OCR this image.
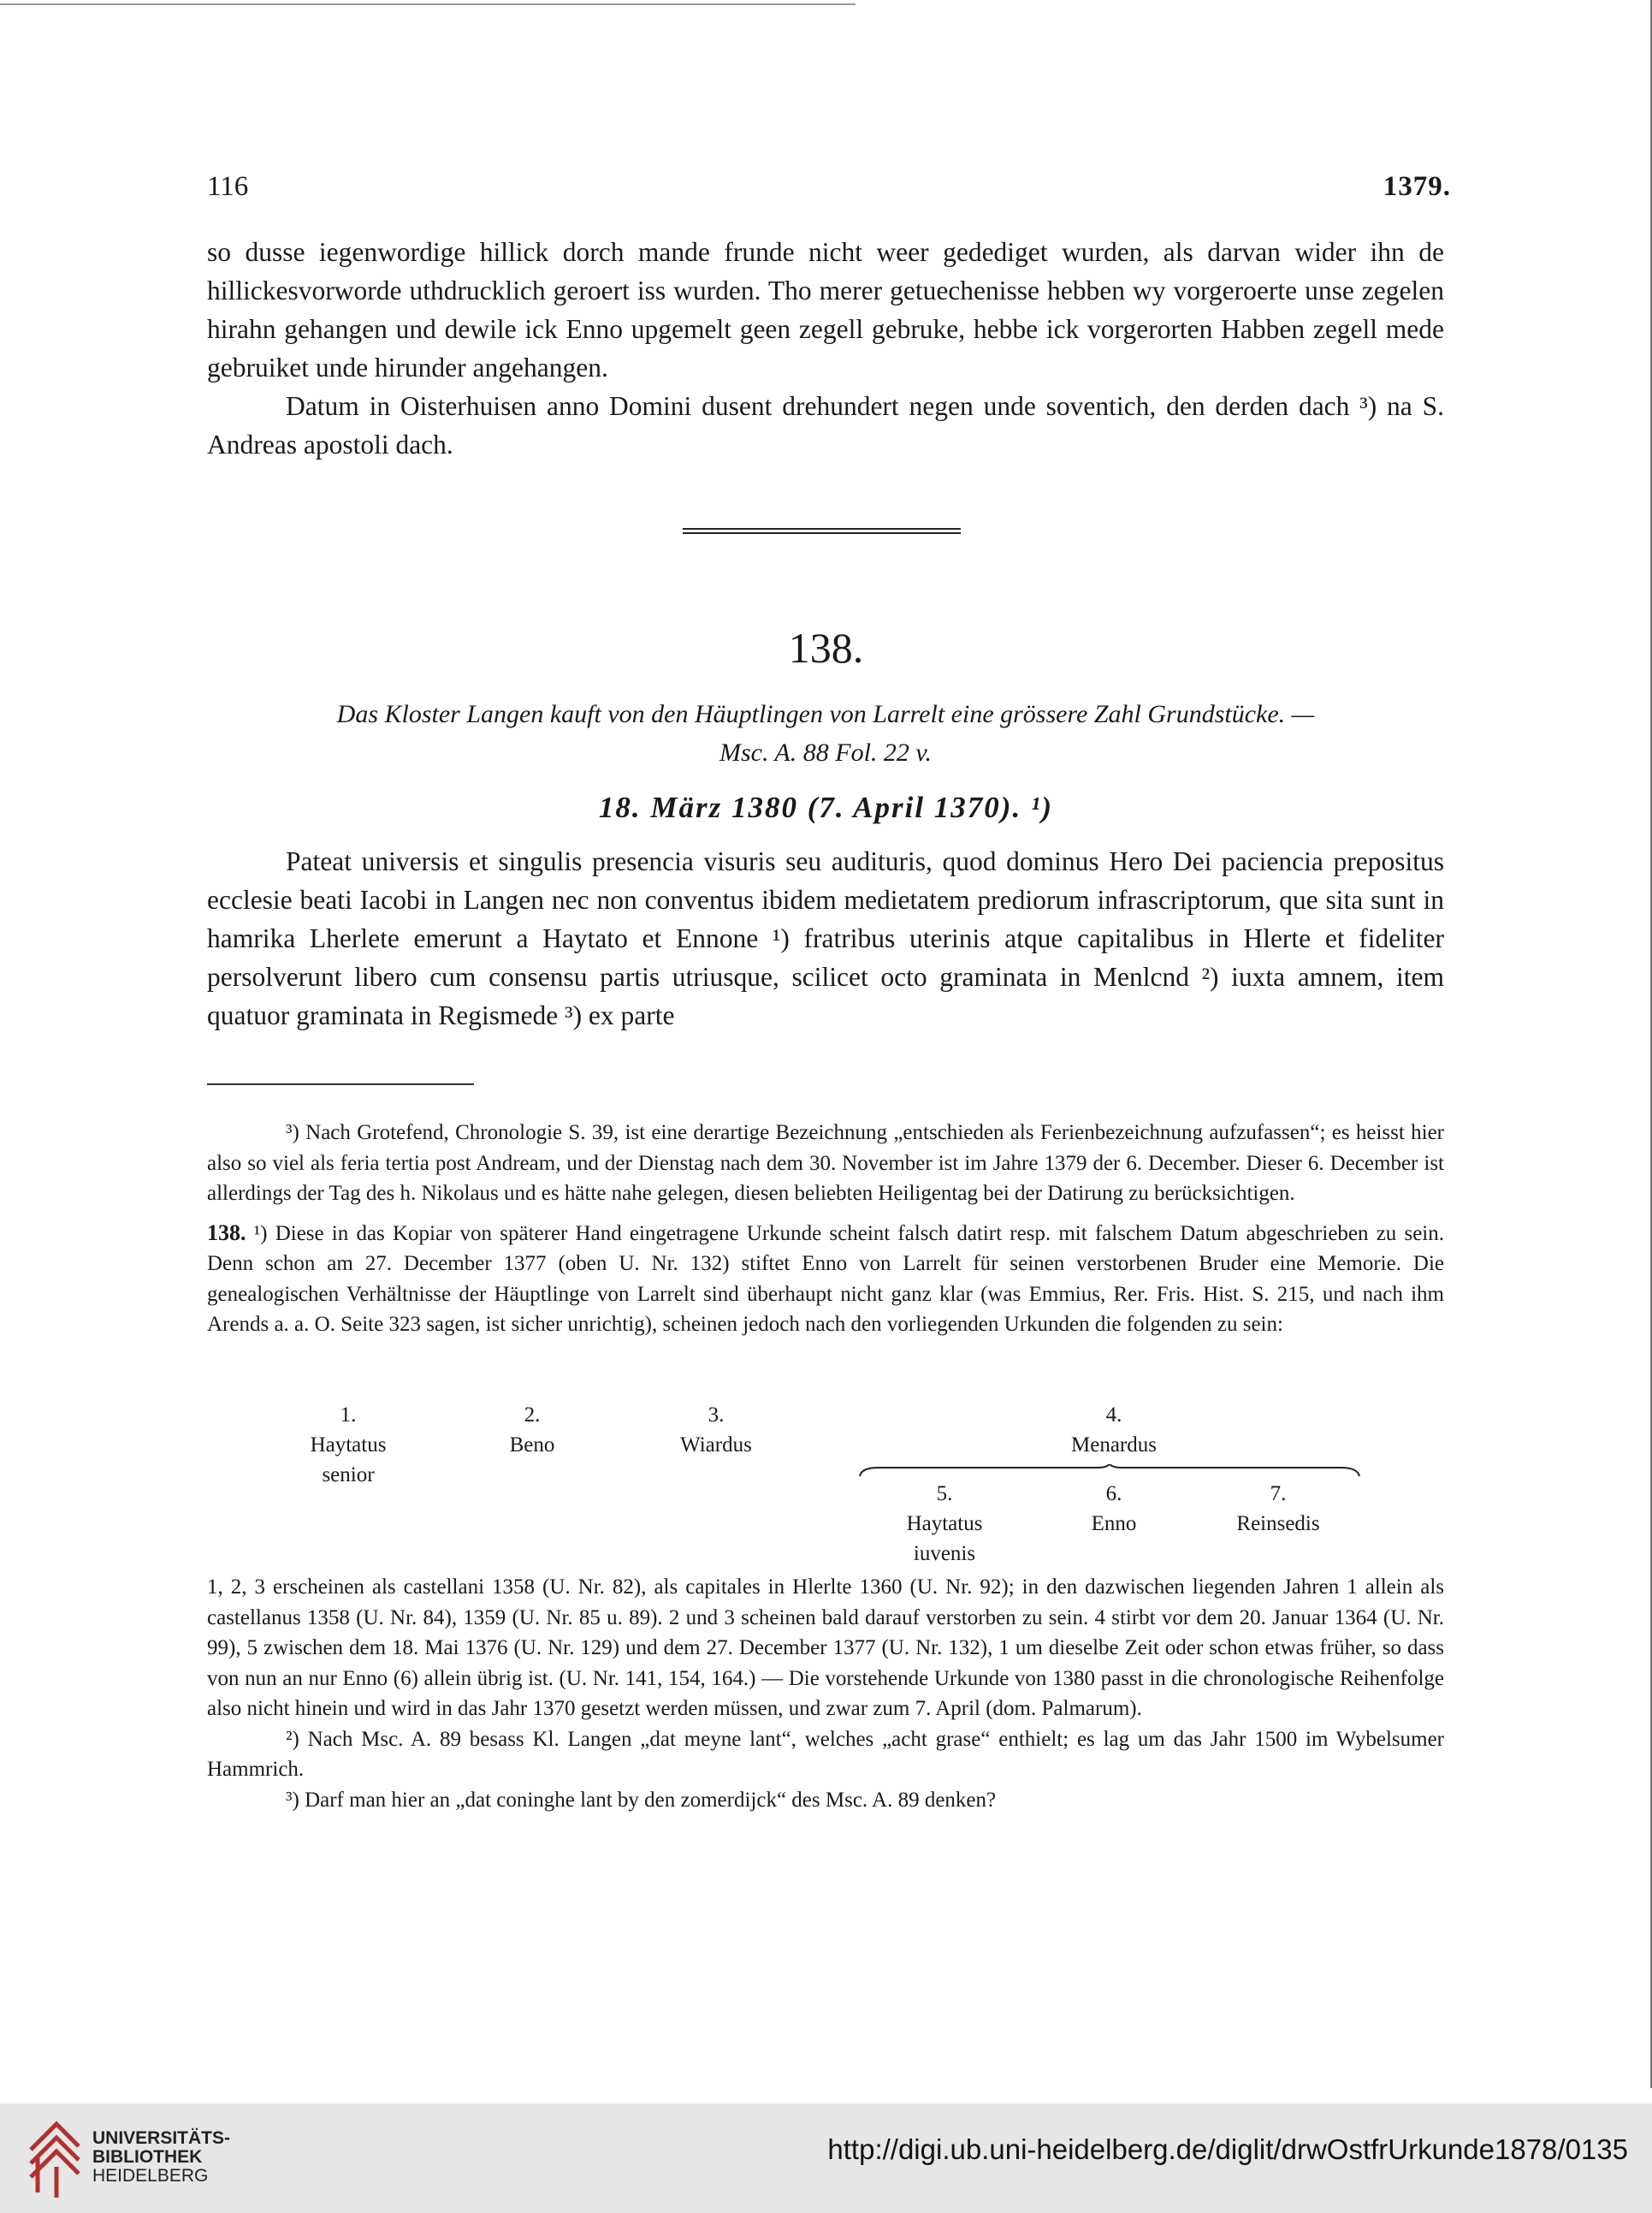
116	1379.

so dusse iegenwordige hillick dorch mande frunde nicht weer gedediget wurden, als darvan wider ihn de hillickesvorworde uthdrucklich geroert iss wurden. Tho merer getuechenisse hebben wy vorgeroerte unse zegelen hirahn gehangen und dewile ick Enno upgemelt geen zegell gebruke, hebbe ick vorgerorten Habben zegell mede gebruiket unde hirunder angehangen.

Datum in Oisterhuisen anno Domini dusent drehundert negen unde soventich, den derden dach ³) na S. Andreas apostoli dach.

138.
Das Kloster Langen kauft von den Häuptlingen von Larrelt eine grössere Zahl Grundstücke. —
Msc. A. 88 Fol. 22 v.
18. März 1380 (7. April 1370). ¹)

Pateat universis et singulis presencia visuris seu audituris, quod dominus Hero Dei paciencia prepositus ecclesie beati Iacobi in Langen nec non conventus ibidem medietatem prediorum infrascriptorum, que sita sunt in hamrika Lherlete emerunt a Haytato et Ennone ¹) fratribus uterinis atque capitalibus in Hlerte et fideliter persolverunt libero cum consensu partis utriusque, scilicet octo graminata in Menlcnd ²) iuxta amnem, item quatuor graminata in Regismede ³) ex parte

³) Nach Grotefend, Chronologie S. 39, ist eine derartige Bezeichnung „entschieden als Ferienbezeichnung aufzufassen“; es heisst hier also so viel als feria tertia post Andream, und der Dienstag nach dem 30. November ist im Jahre 1379 der 6. December. Dieser 6. December ist allerdings der Tag des h. Nikolaus und es hätte nahe gelegen, diesen beliebten Heiligentag bei der Datirung zu berücksichtigen.

138. ¹) Diese in das Kopiar von späterer Hand eingetragene Urkunde scheint falsch datirt resp. mit falschem Datum abgeschrieben zu sein. Denn schon am 27. December 1377 (oben U. Nr. 132) stiftet Enno von Larrelt für seinen verstorbenen Bruder eine Memorie. Die genealogischen Verhältnisse der Häuptlinge von Larrelt sind überhaupt nicht ganz klar (was Emmius, Rer. Fris. Hist. S. 215, und nach ihm Arends a. a. O. Seite 323 sagen, ist sicher unrichtig), scheinen jedoch nach den vorliegenden Urkunden die folgenden zu sein:

1.
Haytatus
senior
2.
Beno
3.
Wiardus
4.
Menardus
5.
Haytatus
iuvenis
6.
Enno
7.
Reinsedis

1, 2, 3 erscheinen als castellani 1358 (U. Nr. 82), als capitales in Hlerlte 1360 (U. Nr. 92); in den dazwischen liegenden Jahren 1 allein als castellanus 1358 (U. Nr. 84), 1359 (U. Nr. 85 u. 89). 2 und 3 scheinen bald darauf verstorben zu sein. 4 stirbt vor dem 20. Januar 1364 (U. Nr. 99), 5 zwischen dem 18. Mai 1376 (U. Nr. 129) und dem 27. December 1377 (U. Nr. 132), 1 um dieselbe Zeit oder schon etwas früher, so dass von nun an nur Enno (6) allein übrig ist. (U. Nr. 141, 154, 164.) — Die vorstehende Urkunde von 1380 passt in die chronologische Reihenfolge also nicht hinein und wird in das Jahr 1370 gesetzt werden müssen, und zwar zum 7. April (dom. Palmarum).

²) Nach Msc. A. 89 besass Kl. Langen „dat meyne lant“, welches „acht grase“ enthielt; es lag um das Jahr 1500 im Wybelsumer Hammrich.

³) Darf man hier an „dat coninghe lant by den zomerdijck“ des Msc. A. 89 denken?

UNIVERSITÄTS-
BIBLIOTHEK
HEIDELBERG
http://digi.ub.uni-heidelberg.de/diglit/drwOstfrUrkunde1878/0135
